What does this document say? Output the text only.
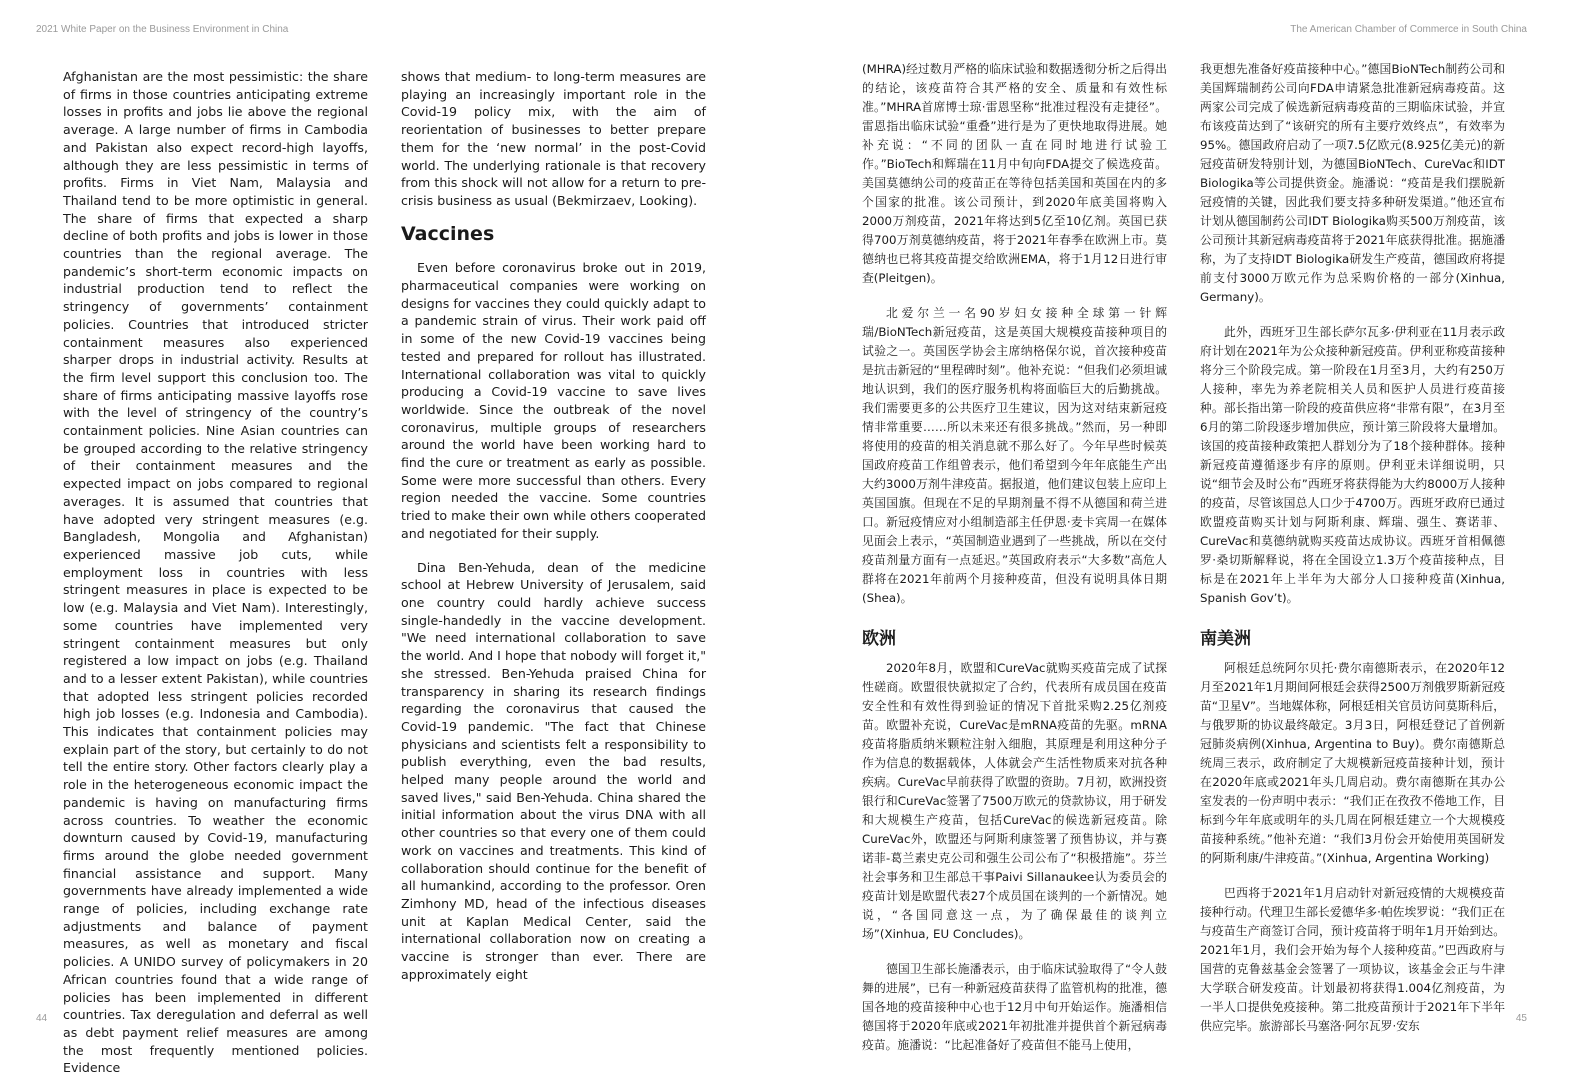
2021 White Paper on the Business Environment in China	The American Chamber of Commerce in South China

Afghanistan are the most pessimistic: the share of firms in those countries anticipating extreme losses in profits and jobs lie above the regional average. A large number of firms in Cambodia and Pakistan also expect record-high layoffs, although they are less pessimistic in terms of profits. Firms in Viet Nam, Malaysia and Thailand tend to be more optimistic in general. The share of firms that expected a sharp decline of both profits and jobs is lower in those countries than the regional average. The pandemic’s short-term economic impacts on industrial production tend to reflect the stringency of governments’ containment policies. Countries that introduced stricter containment measures also experienced sharper drops in industrial activity. Results at the firm level support this conclusion too. The share of firms anticipating massive layoffs rose with the level of stringency of the country’s containment policies. Nine Asian countries can be grouped according to the relative stringency of their containment measures and the expected impact on jobs compared to regional averages. It is assumed that countries that have adopted very stringent measures (e.g. Bangladesh, Mongolia and Afghanistan) experienced massive job cuts, while employment loss in countries with less stringent measures in place is expected to be low (e.g. Malaysia and Viet Nam). Interestingly, some countries have implemented very stringent containment measures but only registered a low impact on jobs (e.g. Thailand and to a lesser extent Pakistan), while countries that adopted less stringent policies recorded high job losses (e.g. Indonesia and Cambodia). This indicates that containment policies may explain part of the story, but certainly to do not tell the entire story. Other factors clearly play a role in the heterogeneous economic impact the pandemic is having on manufacturing firms across countries. To weather the economic downturn caused by Covid-19, manufacturing firms around the globe needed government financial assistance and support. Many governments have already implemented a wide range of policies, including exchange rate adjustments and balance of payment measures, as well as monetary and fiscal policies. A UNIDO survey of policymakers in 20 African countries found that a wide range of policies has been implemented in different countries. Tax deregulation and deferral as well as debt payment relief measures are among the most frequently mentioned policies. Evidence

shows that medium- to long-term measures are playing an increasingly important role in the Covid-19 policy mix, with the aim of reorientation of businesses to better prepare them for the ‘new normal’ in the post-Covid world. The underlying rationale is that recovery from this shock will not allow for a return to pre-crisis business as usual (Bekmirzaev, Looking).

Vaccines

Even before coronavirus broke out in 2019, pharmaceutical companies were working on designs for vaccines they could quickly adapt to a pandemic strain of virus. Their work paid off in some of the new Covid-19 vaccines being tested and prepared for rollout has illustrated. International collaboration was vital to quickly producing a Covid-19 vaccine to save lives worldwide. Since the outbreak of the novel coronavirus, multiple groups of researchers around the world have been working hard to find the cure or treatment as early as possible. Some were more successful than others. Every region needed the vaccine. Some countries tried to make their own while others cooperated and negotiated for their supply.

Dina Ben-Yehuda, dean of the medicine school at Hebrew University of Jerusalem, said one country could hardly achieve success single-handedly in the vaccine development. "We need international collaboration to save the world. And I hope that nobody will forget it," she stressed. Ben-Yehuda praised China for transparency in sharing its research findings regarding the coronavirus that caused the Covid-19 pandemic. "The fact that Chinese physicians and scientists felt a responsibility to publish everything, even the bad results, helped many people around the world and saved lives," said Ben-Yehuda. China shared the initial information about the virus DNA with all other countries so that every one of them could work on vaccines and treatments. This kind of collaboration should continue for the benefit of all humankind, according to the professor. Oren Zimhony MD, head of the infectious diseases unit at Kaplan Medical Center, said the international collaboration now on creating a vaccine is stronger than ever. There are approximately eight

(MHRA)经过数月严格的临床试验和数据透彻分析之后得出的结论，该疫苗符合其严格的安全、质量和有效性标准。”MHRA首席博士琼·雷恩坚称“批准过程没有走捷径”。雷恩指出临床试验“重叠”进行是为了更快地取得进展。她补充说：“不同的团队一直在同时地进行试验工作。”BioTech和辉瑞在11月中旬向FDA提交了候选疫苗。美国莫德纳公司的疫苗正在等待包括美国和英国在内的多个国家的批准。该公司预计，到2020年底美国将购入2000万剂疫苗，2021年将达到5亿至10亿剂。英国已获得700万剂莫德纳疫苗，将于2021年春季在欧洲上市。莫德纳也已将其疫苗提交给欧洲EMA，将于1月12日进行审查(Pleitgen)。

北爱尔兰一名90岁妇女接种全球第一针辉瑞/BioNTech新冠疫苗，这是英国大规模疫苗接种项目的试验之一。英国医学协会主席纳格保尔说，首次接种疫苗是抗击新冠的“里程碑时刻”。他补充说：“但我们必须坦诚地认识到，我们的医疗服务机构将面临巨大的后勤挑战。我们需要更多的公共医疗卫生建议，因为这对结束新冠疫情非常重要……所以未来还有很多挑战。”然而，另一种即将使用的疫苗的相关消息就不那么好了。今年早些时候英国政府疫苗工作组曾表示，他们希望到今年年底能生产出大约3000万剂牛津疫苗。据报道，他们建议包装上应印上英国国旗。但现在不足的早期剂量不得不从德国和荷兰进口。新冠疫情应对小组制造部主任伊恩·麦卡宾周一在媒体见面会上表示，“英国制造业遇到了一些挑战，所以在交付疫苗剂量方面有一点延迟。”英国政府表示“大多数”高危人群将在2021年前两个月接种疫苗，但没有说明具体日期(Shea)。

欧洲

2020年8月，欧盟和CureVac就购买疫苗完成了试探性磋商。欧盟很快就拟定了合约，代表所有成员国在疫苗安全性和有效性得到验证的情况下首批采购2.25亿剂疫苗。欧盟补充说，CureVac是mRNA疫苗的先驱。mRNA疫苗将脂质纳米颗粒注射入细胞，其原理是利用这种分子作为信息的数据载体，人体就会产生活性物质来对抗各种疾病。CureVac早前获得了欧盟的资助。7月初，欧洲投资银行和CureVac签署了7500万欧元的贷款协议，用于研发和大规模生产疫苗，包括CureVac的候选新冠疫苗。除CureVac外，欧盟还与阿斯利康签署了预售协议，并与赛诺菲-葛兰素史克公司和强生公司公布了“积极措施”。芬兰社会事务和卫生部总干事Paivi Sillanaukee认为委员会的疫苗计划是欧盟代表27个成员国在谈判的一个新情况。她说，“各国同意这一点，为了确保最佳的谈判立场”(Xinhua, EU Concludes)。

德国卫生部长施潘表示，由于临床试验取得了“令人鼓舞的进展”，已有一种新冠疫苗获得了监管机构的批准，德国各地的疫苗接种中心也于12月中旬开始运作。施潘相信德国将于2020年底或2021年初批准并提供首个新冠病毒疫苗。施潘说：“比起准备好了疫苗但不能马上使用，

我更想先准备好疫苗接种中心。”德国BioNTech制药公司和美国辉瑞制药公司向FDA申请紧急批准新冠病毒疫苗。这两家公司完成了候选新冠病毒疫苗的三期临床试验，并宣布该疫苗达到了“该研究的所有主要疗效终点”，有效率为95%。德国政府启动了一项7.5亿欧元(8.925亿美元)的新冠疫苗研发特别计划，为德国BioNTech、CureVac和IDT Biologika等公司提供资金。施潘说：“疫苗是我们摆脱新冠疫情的关键，因此我们要支持多种研发渠道。”他还宣布计划从德国制药公司IDT Biologika购买500万剂疫苗，该公司预计其新冠病毒疫苗将于2021年底获得批准。据施潘称，为了支持IDT Biologika研发生产疫苗，德国政府将提前支付3000万欧元作为总采购价格的一部分(Xinhua, Germany)。

此外，西班牙卫生部长萨尔瓦多·伊利亚在11月表示政府计划在2021年为公众接种新冠疫苗。伊利亚称疫苗接种将分三个阶段完成。第一阶段在1月至3月，大约有250万人接种，率先为养老院相关人员和医护人员进行疫苗接种。部长指出第一阶段的疫苗供应将“非常有限”，在3月至6月的第二阶段逐步增加供应，预计第三阶段将大量增加。该国的疫苗接种政策把人群划分为了18个接种群体。接种新冠疫苗遵循逐步有序的原则。伊利亚未详细说明，只说“细节会及时公布”西班牙将获得能为大约8000万人接种的疫苗，尽管该国总人口少于4700万。西班牙政府已通过欧盟疫苗购买计划与阿斯利康、辉瑞、强生、赛诺菲、CureVac和莫德纳就购买疫苗达成协议。西班牙首相佩德罗·桑切斯解释说，将在全国设立1.3万个疫苗接种点，目标是在2021年上半年为大部分人口接种疫苗(Xinhua, Spanish Gov’t)。

南美洲

阿根廷总统阿尔贝托·费尔南德斯表示，在2020年12月至2021年1月期间阿根廷会获得2500万剂俄罗斯新冠疫苗“卫星V”。当地媒体称，阿根廷相关官员访问莫斯科后，与俄罗斯的协议最终敲定。3月3日，阿根廷登记了首例新冠肺炎病例(Xinhua, Argentina to Buy)。费尔南德斯总统周三表示，政府制定了大规模新冠疫苗接种计划，预计在2020年底或2021年头几周启动。费尔南德斯在其办公室发表的一份声明中表示：“我们正在孜孜不倦地工作，目标到今年年底或明年的头几周在阿根廷建立一个大规模疫苗接种系统。”他补充道：“我们3月份会开始使用英国研发的阿斯利康/牛津疫苗。”(Xinhua, Argentina Working)

巴西将于2021年1月启动针对新冠疫情的大规模疫苗接种行动。代理卫生部长爱德华多·帕佐埃罗说：“我们正在与疫苗生产商签订合同，预计疫苗将于明年1月开始到达。2021年1月，我们会开始为每个人接种疫苗。”巴西政府与国营的克鲁兹基金会签署了一项协议，该基金会正与牛津大学联合研发疫苗。计划最初将获得1.004亿剂疫苗，为一半人口提供免疫接种。第二批疫苗预计于2021年下半年供应完毕。旅游部长马塞洛·阿尔瓦罗·安东

44	45
